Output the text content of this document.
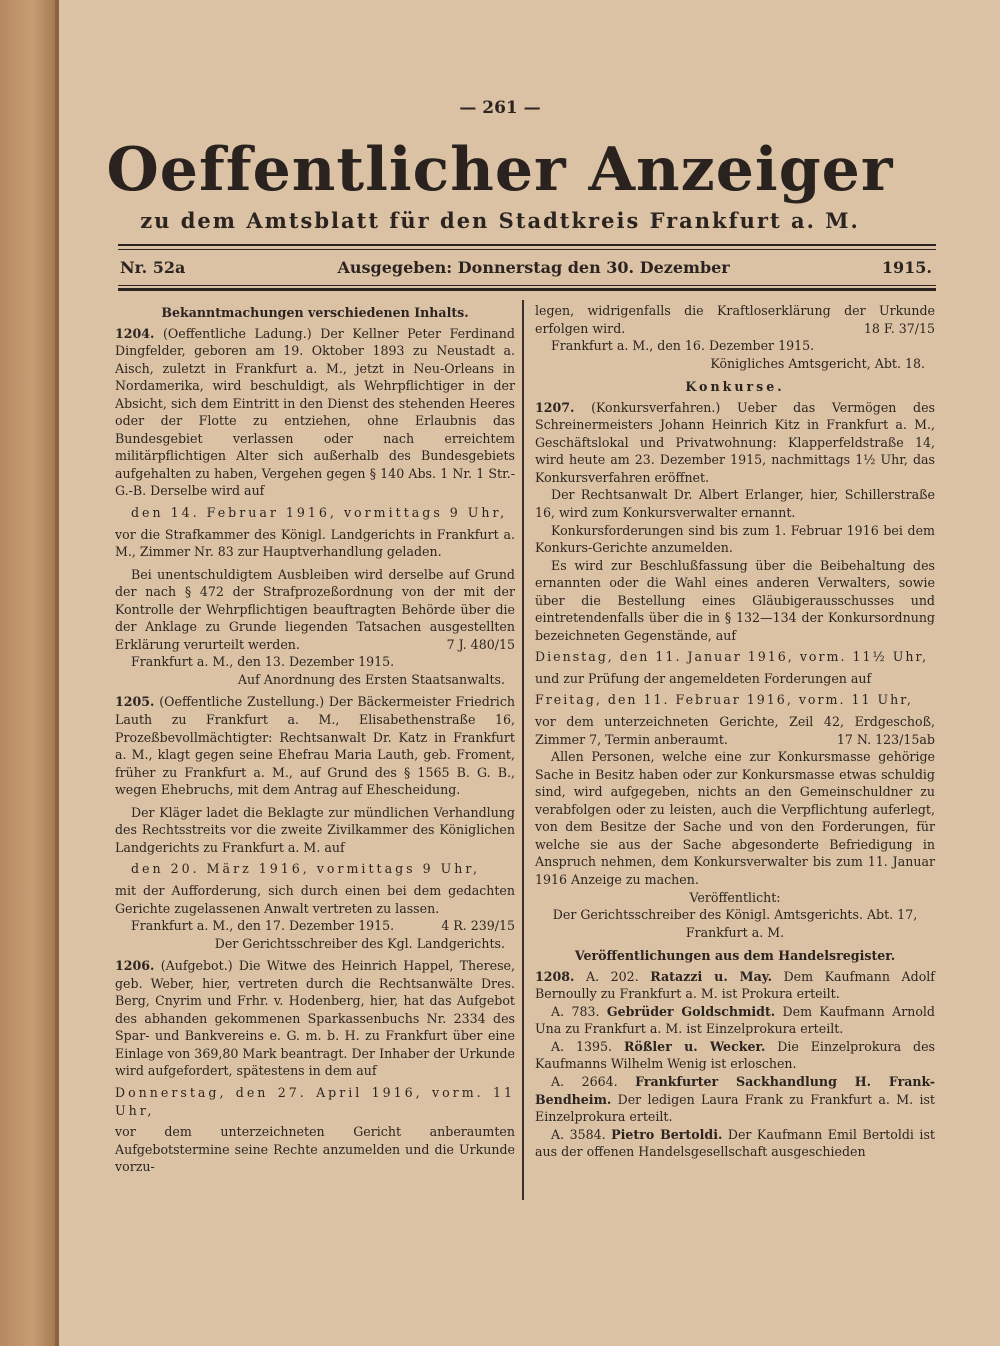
— 261 —
Oeffentlicher Anzeiger
zu dem Amtsblatt für den Stadtkreis Frankfurt a. M.
Nr. 52a	Ausgegeben: Donnerstag den 30. Dezember	1915.

Bekanntmachungen verschiedenen Inhalts.

1204. (Oeffentliche Ladung.) Der Kellner Peter Ferdinand Dingfelder, geboren am 19. Oktober 1893 zu Neustadt a. Aisch, zuletzt in Frankfurt a. M., jetzt in Neu-Orleans in Nordamerika, wird beschuldigt, als Wehrpflichtiger in der Absicht, sich dem Eintritt in den Dienst des stehenden Heeres oder der Flotte zu entziehen, ohne Erlaubnis das Bundesgebiet verlassen oder nach erreichtem militärpflichtigen Alter sich außerhalb des Bundesgebiets aufgehalten zu haben, Vergehen gegen § 140 Abs. 1 Nr. 1 Str.-G.-B. Derselbe wird auf

den 14. Februar 1916, vormittags 9 Uhr,

vor die Strafkammer des Königl. Landgerichts in Frankfurt a. M., Zimmer Nr. 83 zur Hauptverhandlung geladen.

Bei unentschuldigtem Ausbleiben wird derselbe auf Grund der nach § 472 der Strafprozeßordnung von der mit der Kontrolle der Wehrpflichtigen beauftragten Behörde über die der Anklage zu Grunde liegenden Tatsachen ausgestellten Erklärung verurteilt werden.	7 J. 480/15

Frankfurt a. M., den 13. Dezember 1915.

Auf Anordnung des Ersten Staatsanwalts.

1205. (Oeffentliche Zustellung.) Der Bäckermeister Friedrich Lauth zu Frankfurt a. M., Elisabethenstraße 16, Prozeßbevollmächtigter: Rechtsanwalt Dr. Katz in Frankfurt a. M., klagt gegen seine Ehefrau Maria Lauth, geb. Froment, früher zu Frankfurt a. M., auf Grund des § 1565 B. G. B., wegen Ehebruchs, mit dem Antrag auf Ehescheidung.

Der Kläger ladet die Beklagte zur mündlichen Verhandlung des Rechtsstreits vor die zweite Zivilkammer des Königlichen Landgerichts zu Frankfurt a. M. auf

den 20. März 1916, vormittags 9 Uhr,

mit der Aufforderung, sich durch einen bei dem gedachten Gerichte zugelassenen Anwalt vertreten zu lassen.

Frankfurt a. M., den 17. Dezember 1915.	4 R. 239/15

Der Gerichtsschreiber des Kgl. Landgerichts.

1206. (Aufgebot.) Die Witwe des Heinrich Happel, Therese, geb. Weber, hier, vertreten durch die Rechtsanwälte Dres. Berg, Cnyrim und Frhr. v. Hodenberg, hier, hat das Aufgebot des abhanden gekommenen Sparkassenbuchs Nr. 2334 des Spar- und Bankvereins e. G. m. b. H. zu Frankfurt über eine Einlage von 369,80 Mark beantragt. Der Inhaber der Urkunde wird aufgefordert, spätestens in dem auf

Donnerstag, den 27. April 1916, vorm. 11 Uhr,

vor dem unterzeichneten Gericht anberaumten Aufgebotstermine seine Rechte anzumelden und die Urkunde vorzu-

legen, widrigenfalls die Kraftloserklärung der Urkunde erfolgen wird.	18 F. 37/15

Frankfurt a. M., den 16. Dezember 1915.

Königliches Amtsgericht, Abt. 18.

Konkurse.

1207. (Konkursverfahren.) Ueber das Vermögen des Schreinermeisters Johann Heinrich Kitz in Frankfurt a. M., Geschäftslokal und Privatwohnung: Klapperfeldstraße 14, wird heute am 23. Dezember 1915, nachmittags 1½ Uhr, das Konkursverfahren eröffnet.

Der Rechtsanwalt Dr. Albert Erlanger, hier, Schillerstraße 16, wird zum Konkursverwalter ernannt.

Konkursforderungen sind bis zum 1. Februar 1916 bei dem Konkurs-Gerichte anzumelden.

Es wird zur Beschlußfassung über die Beibehaltung des ernannten oder die Wahl eines anderen Verwalters, sowie über die Bestellung eines Gläubigerausschusses und eintretendenfalls über die in § 132—134 der Konkursordnung bezeichneten Gegenstände, auf

Dienstag, den 11. Januar 1916, vorm. 11½ Uhr,

und zur Prüfung der angemeldeten Forderungen auf

Freitag, den 11. Februar 1916, vorm. 11 Uhr,

vor dem unterzeichneten Gerichte, Zeil 42, Erdgeschoß, Zimmer 7, Termin anberaumt.	17 N. 123/15ab

Allen Personen, welche eine zur Konkursmasse gehörige Sache in Besitz haben oder zur Konkursmasse etwas schuldig sind, wird aufgegeben, nichts an den Gemeinschuldner zu verabfolgen oder zu leisten, auch die Verpflichtung auferlegt, von dem Besitze der Sache und von den Forderungen, für welche sie aus der Sache abgesonderte Befriedigung in Anspruch nehmen, dem Konkursverwalter bis zum 11. Januar 1916 Anzeige zu machen.

Veröffentlicht:

Der Gerichtsschreiber des Königl. Amtsgerichts. Abt. 17,

Frankfurt a. M.

Veröffentlichungen aus dem Handelsregister.

1208. A. 202. Ratazzi u. May. Dem Kaufmann Adolf Bernoully zu Frankfurt a. M. ist Prokura erteilt.

A. 783. Gebrüder Goldschmidt. Dem Kaufmann Arnold Una zu Frankfurt a. M. ist Einzelprokura erteilt.

A. 1395. Rößler u. Wecker. Die Einzelprokura des Kaufmanns Wilhelm Wenig ist erloschen.

A. 2664. Frankfurter Sackhandlung H. Frank-Bendheim. Der ledigen Laura Frank zu Frankfurt a. M. ist Einzelprokura erteilt.

A. 3584. Pietro Bertoldi. Der Kaufmann Emil Bertoldi ist aus der offenen Handelsgesellschaft ausgeschieden
